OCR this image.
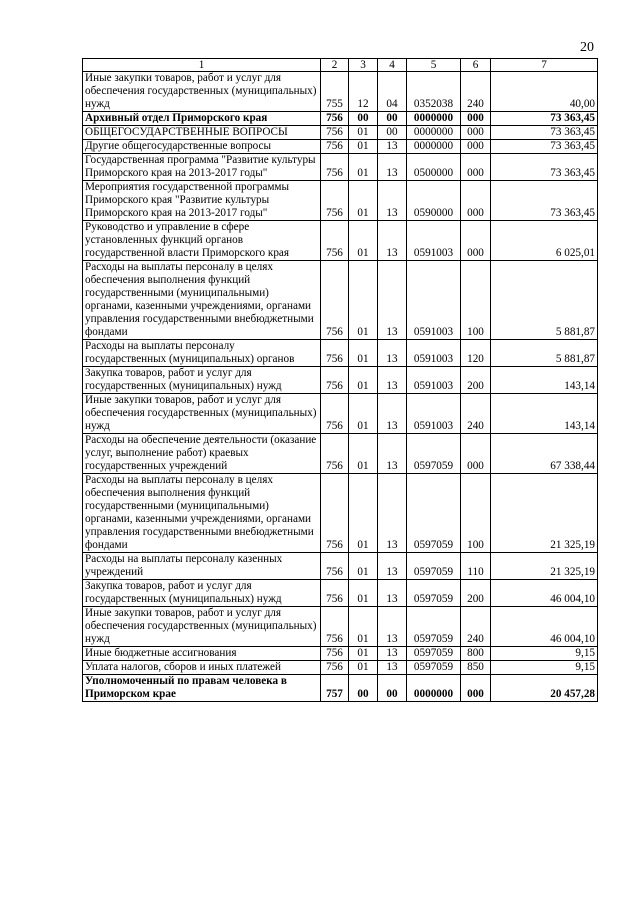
20
1	2	3	4	5	6	7
Иные закупки товаров, работ и услуг для обеспечения государственных (муниципальных) нужд	755	12	04	0352038	240	40,00
Архивный отдел Приморского края	756	00	00	0000000	000	73 363,45
ОБЩЕГОСУДАРСТВЕННЫЕ ВОПРОСЫ	756	01	00	0000000	000	73 363,45
Другие общегосударственные вопросы	756	01	13	0000000	000	73 363,45
Государственная программа "Развитие культуры Приморского края на 2013-2017 годы"	756	01	13	0500000	000	73 363,45
Мероприятия государственной программы Приморского края "Развитие культуры Приморского края на 2013-2017 годы"	756	01	13	0590000	000	73 363,45
Руководство и управление в сфере установленных функций органов государственной власти Приморского края	756	01	13	0591003	000	6 025,01
Расходы на выплаты персоналу в целях обеспечения выполнения функций государственными (муниципальными) органами, казенными учреждениями, органами управления государственными внебюджетными фондами	756	01	13	0591003	100	5 881,87
Расходы на выплаты персоналу государственных (муниципальных) органов	756	01	13	0591003	120	5 881,87
Закупка товаров, работ и услуг для государственных (муниципальных) нужд	756	01	13	0591003	200	143,14
Иные закупки товаров, работ и услуг для обеспечения государственных (муниципальных) нужд	756	01	13	0591003	240	143,14
Расходы на обеспечение деятельности (оказание услуг, выполнение работ) краевых государственных учреждений	756	01	13	0597059	000	67 338,44
Расходы на выплаты персоналу в целях обеспечения выполнения функций государственными (муниципальными) органами, казенными учреждениями, органами управления государственными внебюджетными фондами	756	01	13	0597059	100	21 325,19
Расходы на выплаты персоналу казенных учреждений	756	01	13	0597059	110	21 325,19
Закупка товаров, работ и услуг для государственных (муниципальных) нужд	756	01	13	0597059	200	46 004,10
Иные закупки товаров, работ и услуг для обеспечения государственных (муниципальных) нужд	756	01	13	0597059	240	46 004,10
Иные бюджетные ассигнования	756	01	13	0597059	800	9,15
Уплата налогов, сборов и иных платежей	756	01	13	0597059	850	9,15
Уполномоченный по правам человека в Приморском крае	757	00	00	0000000	000	20 457,28
